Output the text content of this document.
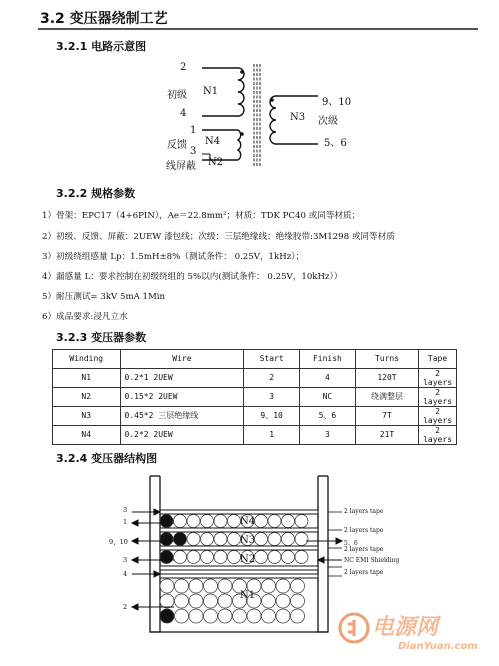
3.2 变压器绕制工艺
3.2.1 电路示意图
2
4
1
3
初级 N1
反馈 N4
线屏蔽 N2
9、10
N3 次级
5、6
3.2.2 规格参数
1）骨架：EPC17（4+6PIN），Ae＝22.8mm²；材质：TDK PC40 或同等材质；
2）初级、反馈、屏蔽：2UEW 漆包线；次级：三层绝缘线；绝缘胶带:3M1298 或同等材质
3）初级绕组感量 Lp：1.5mH±8%（测试条件： 0.25V，1kHz）；
4）漏感量 L：要求控制在初级绕组的 5%以内(测试条件： 0.25V，10kHz））
5）耐压测试= 3kV 5mA 1Min
6）成品要求:浸凡立水
3.2.3 变压器参数
Winding	Wire	Start	Finish	Turns	Tape
N1	0.2*1 2UEW	2	4	120T	2 layers
N2	0.15*2 2UEW	3	NC	绕满整层	2 layers
N3	0.45*2 三层绝缘线	9、10	5、6	7T	2 layers
N4	0.2*2 2UEW	1	3	21T	2 layers
3.2.4 变压器结构图
N4
N3
N2
N1
3
1
9、10
3
4
2
2 layers tape
2 layers tape
5、6
2 layers tape
NC EMI Shielding
2 layers tape
电源网
DianYuan.com
